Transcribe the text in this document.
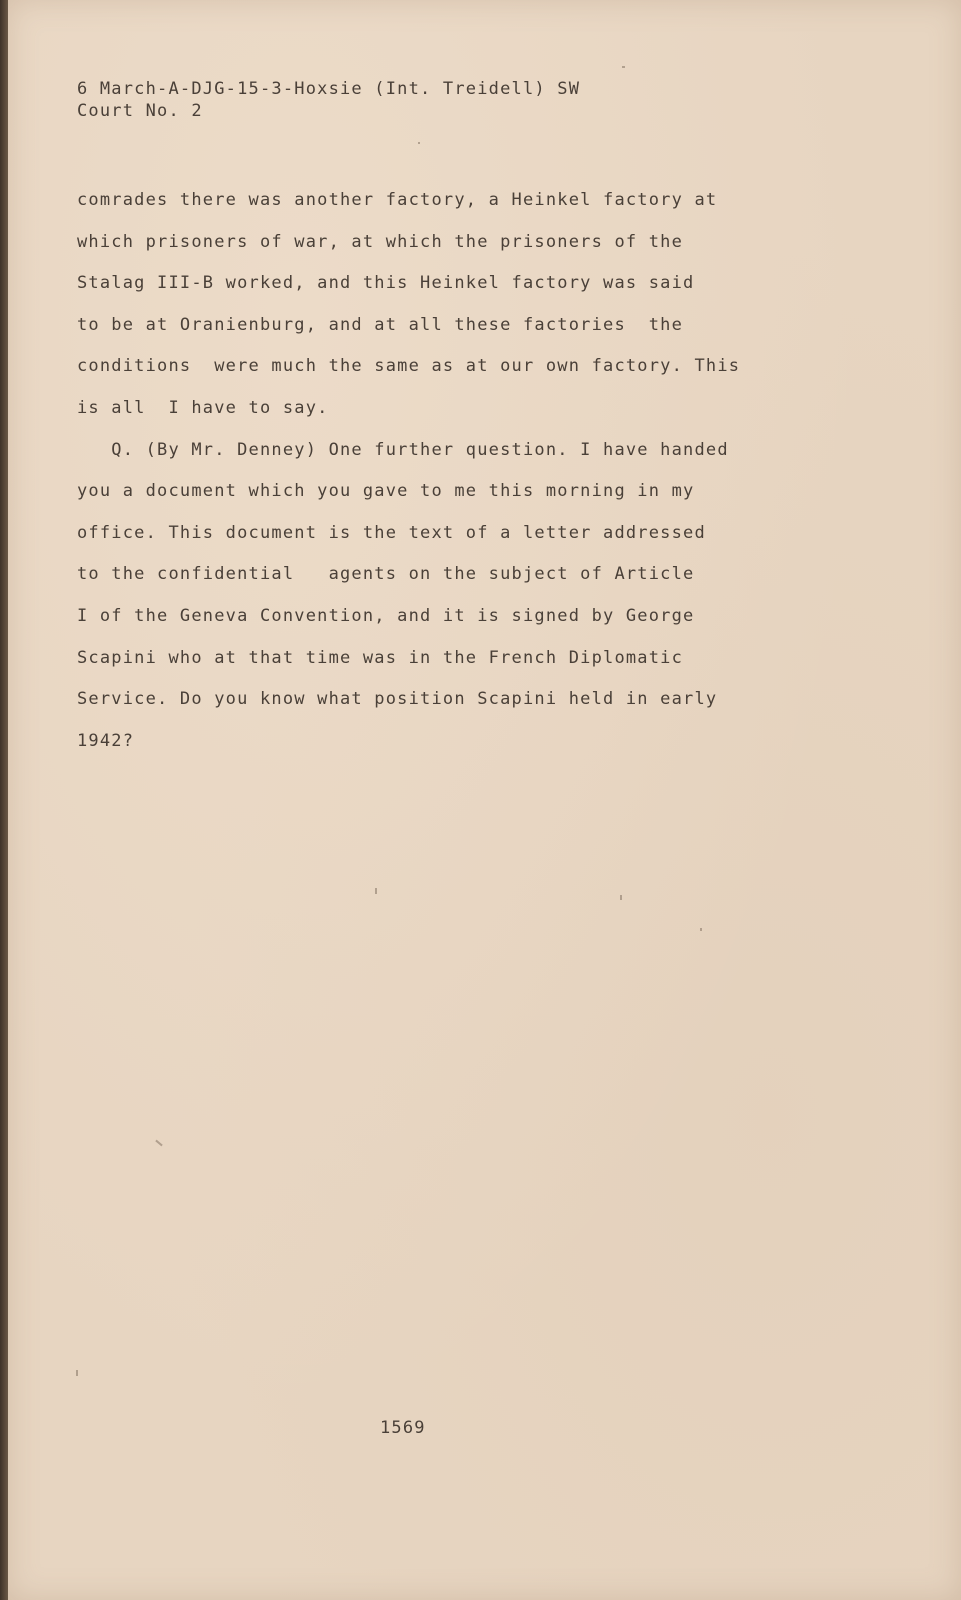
6 March-A-DJG-15-3-Hoxsie (Int. Treidell) SW
Court No. 2
comrades there was another factory, a Heinkel factory at
which prisoners of war, at which the prisoners of the
Stalag III-B worked, and this Heinkel factory was said
to be at Oranienburg, and at all these factories  the
conditions  were much the same as at our own factory. This
is all  I have to say.
Q. (By Mr. Denney) One further question. I have handed
you a document which you gave to me this morning in my
office. This document is the text of a letter addressed
to the confidential   agents on the subject of Article
I of the Geneva Convention, and it is signed by George
Scapini who at that time was in the French Diplomatic
Service. Do you know what position Scapini held in early
1942?
1569
